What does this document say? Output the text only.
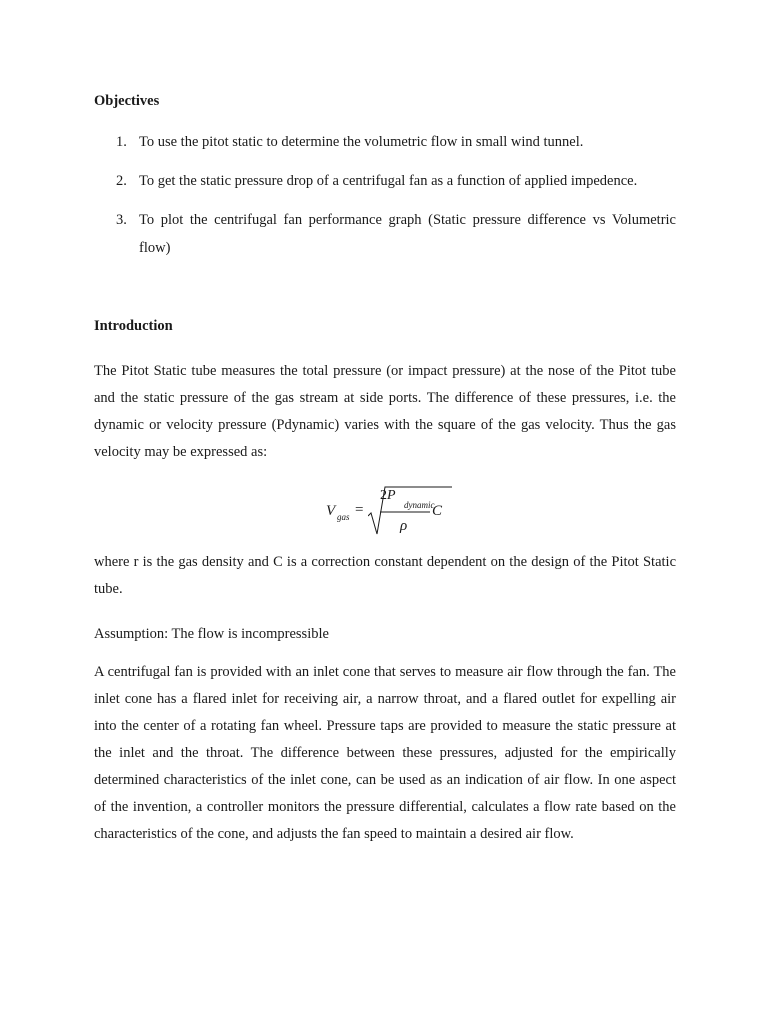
Objectives
1. To use the pitot static to determine the volumetric flow in small wind tunnel.
2. To get the static pressure drop of a centrifugal fan as a function of applied impedence.
3. To plot the centrifugal fan performance graph (Static pressure difference vs Volumetric flow)
Introduction
The Pitot Static tube measures the total pressure (or impact pressure) at the nose of the Pitot tube and the static pressure of the gas stream at side ports. The difference of these pressures, i.e. the dynamic or velocity pressure (Pdynamic) varies with the square of the gas velocity. Thus the gas velocity may be expressed as:
V gas =
2P
dynamic
C
ρ
where r is the gas density and C is a correction constant dependent on the design of the Pitot Static tube.
Assumption: The flow is incompressible
A centrifugal fan is provided with an inlet cone that serves to measure air flow through the fan. The inlet cone has a flared inlet for receiving air, a narrow throat, and a flared outlet for expelling air into the center of a rotating fan wheel. Pressure taps are provided to measure the static pressure at the inlet and the throat. The difference between these pressures, adjusted for the empirically determined characteristics of the inlet cone, can be used as an indication of air flow. In one aspect of the invention, a controller monitors the pressure differential, calculates a flow rate based on the characteristics of the cone, and adjusts the fan speed to maintain a desired air flow.
